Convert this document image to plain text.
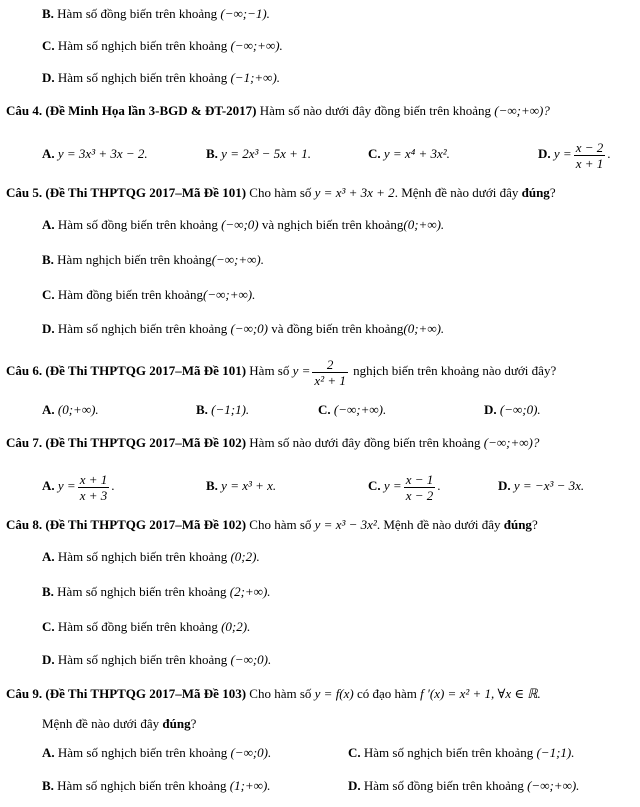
B. Hàm số đồng biến trên khoảng (−∞;−1).
C. Hàm số nghịch biến trên khoảng (−∞;+∞).
D. Hàm số nghịch biến trên khoảng (−1;+∞).
Câu 4. (Đề Minh Họa lần 3-BGD & ĐT-2017) Hàm số nào dưới đây đồng biến trên khoảng (−∞;+∞)?
A. y = 3x³ + 3x − 2.	B. y = 2x³ − 5x + 1.	C. y = x⁴ + 3x².	D. $y = \frac{x - 2}{x + 1}$ .
Câu 5. (Đề Thi THPTQG 2017–Mã Đề 101) Cho hàm số y = x³ + 3x + 2. Mệnh đề nào dưới đây đúng?
A. Hàm số đồng biến trên khoảng (−∞;0) và nghịch biến trên khoảng(0;+∞).
B. Hàm nghịch biến trên khoảng(−∞;+∞).
C. Hàm đồng biến trên khoảng(−∞;+∞).
D. Hàm số nghịch biến trên khoảng (−∞;0) và đồng biến trên khoảng(0;+∞).
Câu 6. (Đề Thi THPTQG 2017–Mã Đề 101) Hàm số $y = \frac{2}{\text{x² + 1}}$ nghịch biến trên khoảng nào dưới đây?
A. (0;+∞).	B. (−1;1).	C. (−∞;+∞).	D. (−∞;0).
Câu 7. (Đề Thi THPTQG 2017–Mã Đề 102) Hàm số nào dưới đây đồng biến trên khoảng (−∞;+∞)?
A. $y = \frac{x + 1}{x + 3}$ .	B. y = x³ + x.	C. $y = \frac{x - 1}{x - 2}$ .	D. y = −x³ − 3x.
Câu 8. (Đề Thi THPTQG 2017–Mã Đề 102) Cho hàm số y = x³ − 3x². Mệnh đề nào dưới đây đúng?
A. Hàm số nghịch biến trên khoảng (0;2).
B. Hàm số nghịch biến trên khoảng (2;+∞).
C. Hàm số đồng biến trên khoảng (0;2).
D. Hàm số nghịch biến trên khoảng (−∞;0).
Câu 9. (Đề Thi THPTQG 2017–Mã Đề 103) Cho hàm số y = f(x) có đạo hàm f ′(x) = x² + 1, ∀x ∈ ℝ.
Mệnh đề nào dưới đây đúng?
A. Hàm số nghịch biến trên khoảng (−∞;0).	C. Hàm số nghịch biến trên khoảng (−1;1).
B. Hàm số nghịch biến trên khoảng (1;+∞).	D. Hàm số đồng biến trên khoảng (−∞;+∞).
